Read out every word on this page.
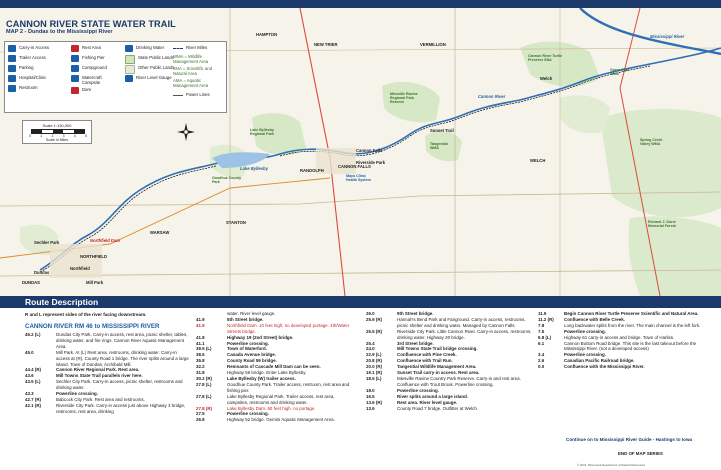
CANNON RIVER STATE WATER TRAIL
MAP 2 - Dundas to the Mississippi River
Carry-in Access
Trailer Access
Parking
Hospital/Clinic
Restroom
Rest Area
Fishing Pier
Campground
Watercraft
Campsite
Dam
Drinking Water
State Public Lands
Other Public Lands
River Level Gauge
River Miles
WMA = Wildlife
Management Area
SNA = Scientific and
Natural Area
AMA = Aquatic
Management Area
Power Lines
Scale 1:130,000
0	1	2	3	4	5
Scale in Miles
CANNON FALLS
Cannon Falls
Welch
Northfield
NORTHFIELD
Dundas
DUNDAS
Lake Byllesby
Lake Byllesby
Regional Park
Miesville Ravine
Regional Park
Reserve
Cannon River Turtle
Preserve SNA
Cannon River
Mississippi River
Goodhue County
Park
Sunset Trail
Tangential
WMA
Mayo Clinic
Health System
Spring Creek
Valley WMA
Gores Pool
WMA
Richard J. Dorer
Memorial Forest
HAMPTON
RANDOLPH
NEW TRIER	VERMILLION
WELCH
STANTON
WARSAW
Riverside Park
Sechler Park
Mill Park
Northfield Dam
Route Description
R and L represent sides of the river facing downstream.
CANNON RIVER RM 46 to MISSISSIPPI RIVER
45.2 (L)	Dundas City Park. Carry-in access, rest area, picnic shelter, tables, drinking water, and fire rings. Cannon River Aquatic Management Area.
45.0	Mill Park. At (L) Rest area, restrooms, drinking water. Carry-in access at (R). County Road 1 bridge. The river splits around a large island. Town of Dundas, Archibald Mill.
44.4 (R)	Cannon River Regional Park. Rest area.
43.6	Mill Towns State Trail parallels river here.
43.5 (L)	Sechler City Park. Carry-in access, picnic shelter, restrooms and drinking water.
43.3	Powerline crossing.
42.7 (R)	Babcock City Park. Rest area and restrooms.
42.1 (R)	Riverside City Park. Carry-in access just above Highway 3 bridge, restrooms, rest area, drinking
water. River level gauge.
41.9	5th Street bridge.
41.9	Northfield Dam. 10 feet high; no developed portage. 4th/Water Streets bridge.
41.8	Highway 19 (2nd Street) bridge.
41.1	Powerline crossing.
39.5 (L)	Town of Waterford.
38.5	Canada Avenue bridge.
35.8	County Road 59 bridge.
32.2	Remnants of Cascade Mill Dam can be seen.
31.8	Highway 56 bridge. Enter Lake Byllesby.
30.2 (R)	Lake Byllesby (W) trailer access.
27.8 (L)	Goodhue County Park. Trailer access, restroom, rest area and fishing pier.
27.8 (L)	Lake Byllesby Regional Park. Trailer access, rest area, campsites, restrooms and drinking water.
27.8 (R)	Lake Byllesby Dam. 60 feet high, no portage.
27.5	Powerline crossing.
26.8	Highway 52 bridge. Gemini Aquatic Management Area.
26.0	9th Street bridge.
25.9 (R)	Hannah's Bend Park and Fairground. Carry-in access, restrooms, picnic shelter and drinking water. Managed by Cannon Falls.
25.5 (R)	Riverside City Park. Little Cannon River. Carry-in access, restrooms, drinking water. Highway 20 bridge.
25.4	3rd Street bridge.
24.0	Mill Towns State Trail bridge crossing.
22.9 (L)	Confluence with Pine Creek.
20.8 (R)	Confluence with Trail Run.
20.0 (R)	Tangential Wildlife Management Area.
19.1 (R)	Sunset Trail carry-in access. Rest area.
18.5 (L)	Miesville Ravine Country Park Reserve. Carry-in and rest area. Confluence with Trout Brook. Powerline crossing.
18.0	Powerline crossing.
16.5	River splits around a large island.
13.6 (R)	Rest area. River level gauge.
13.6	County Road 7 bridge. Outfitter at Welch.
11.5	Begin Cannon River Turtle Preserve Scientific and Natural Area.
11.2 (R)	Confluence with Belle Creek.
7.8	Long backwater splits from the river. The main channel is the left fork.
7.5	Powerline crossing.
6.8 (L)	Highway 61 carry-in access and bridge. Town of Harliss.
6.1	Cannon Bottom Road bridge. This site is the last takeout before the Mississippi River. (not a developed access)
3.4	Powerline crossing.
2.6	Canadian Pacific Railroad bridge.
0.0	Confluence with the Mississippi River.
Continue on to Mississippi River Guide - Hastings to Iowa
END OF MAP SERIES
© 2021, Minnesota Department of Natural Resources
